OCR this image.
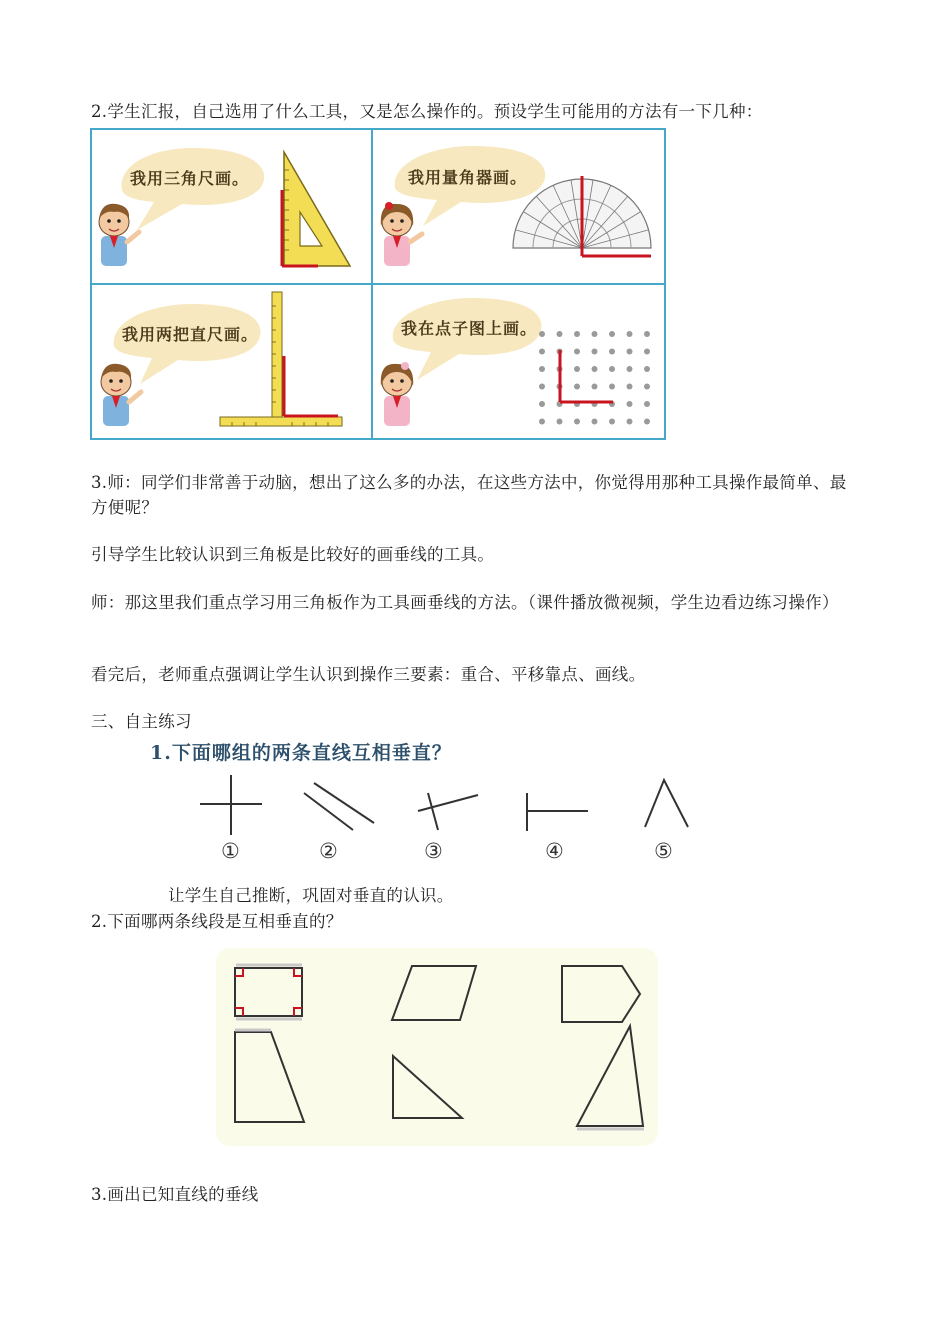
2.学生汇报，自己选用了什么工具，又是怎么操作的。预设学生可能用的方法有一下几种：
我用三角尺画。	我用量角器画。
我用两把直尺画。	我在点子图上画。
3.师：同学们非常善于动脑，想出了这么多的办法，在这些方法中，你觉得用那种工具操作最简单、最方便呢？
引导学生比较认识到三角板是比较好的画垂线的工具。
师：那这里我们重点学习用三角板作为工具画垂线的方法。（课件播放微视频，学生边看边练习操作）
看完后，老师重点强调让学生认识到操作三要素：重合、平移靠点、画线。
三、自主练习
1.下面哪组的两条直线互相垂直？
①	②	③	④	⑤
让学生自己推断，巩固对垂直的认识。
2.下面哪两条线段是互相垂直的？
3.画出已知直线的垂线
